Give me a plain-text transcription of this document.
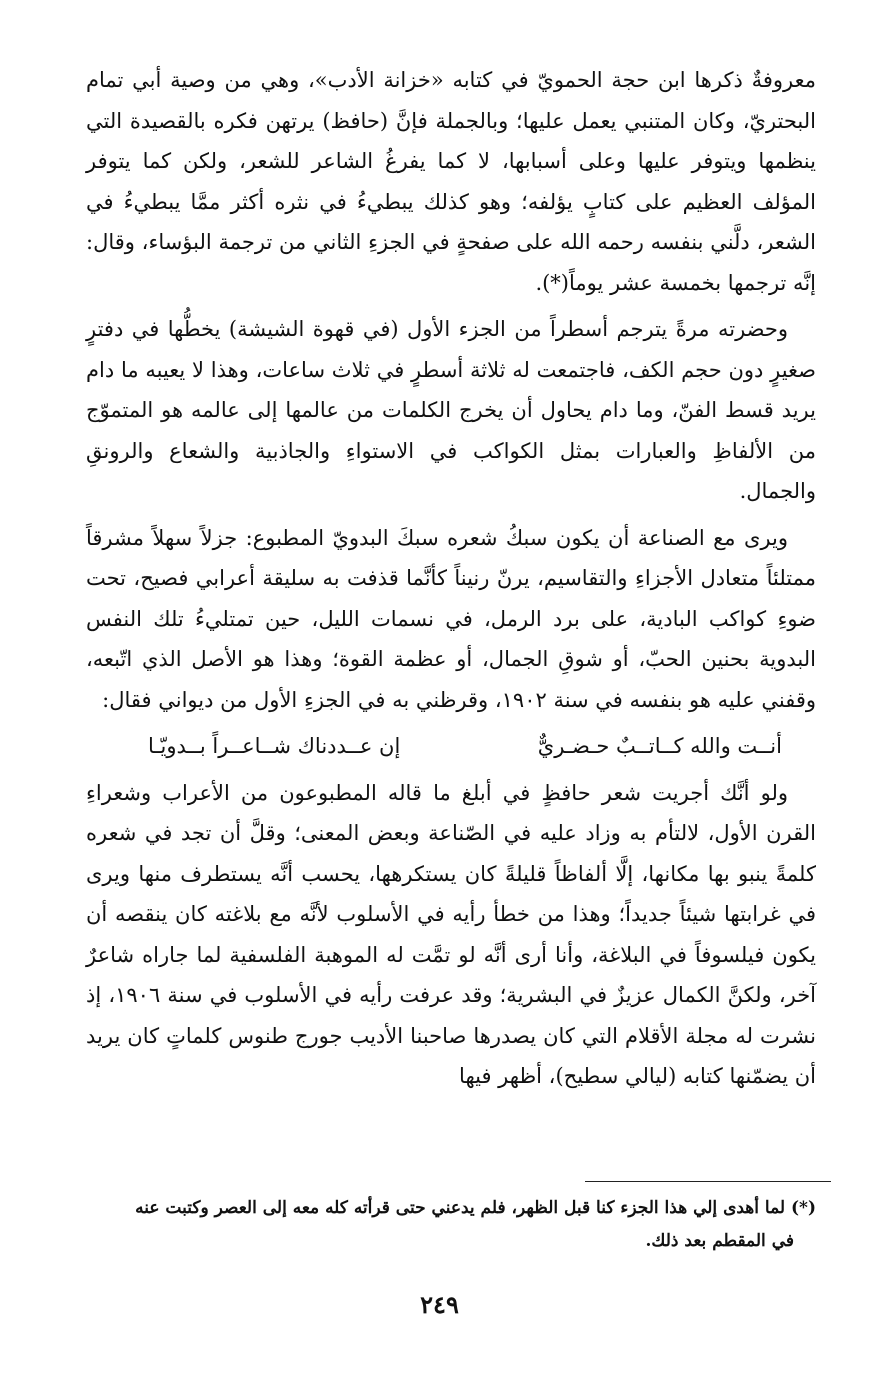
معروفةٌ ذكرها ابن حجة الحمويّ في كتابه «خزانة الأدب»، وهي من وصية أبي تمام البحتريّ، وكان المتنبي يعمل عليها؛ وبالجملة فإنَّ (حافظ) يرتهن فكره بالقصيدة التي ينظمها ويتوفر عليها وعلى أسبابها، لا كما يفرغُ الشاعر للشعر، ولكن كما يتوفر المؤلف العظيم على كتابٍ يؤلفه؛ وهو كذلك يبطيءُ في نثره أكثر ممَّا يبطيءُ في الشعر، دلَّني بنفسه رحمه الله على صفحةٍ في الجزءِ الثاني من ترجمة البؤساء، وقال: إنَّه ترجمها بخمسة عشر يوماً(*).

وحضرته مرةً يترجم أسطراً من الجزء الأول (في قهوة الشيشة) يخطُّها في دفترٍ صغيرٍ دون حجم الكف، فاجتمعت له ثلاثة أسطرٍ في ثلاث ساعات، وهذا لا يعيبه ما دام يريد قسط الفنّ، وما دام يحاول أن يخرج الكلمات من عالمها إلى عالمه هو المتموّج من الألفاظِ والعبارات بمثل الكواكب في الاستواءِ والجاذبية والشعاع والرونقِ والجمال.

ويرى مع الصناعة أن يكون سبكُ شعره سبكَ البدويّ المطبوع: جزلاً سهلاً مشرقاً ممتلئاً متعادل الأجزاءِ والتقاسيم، يرنّ رنيناً كأنَّما قذفت به سليقة أعرابي فصيح، تحت ضوءِ كواكب البادية، على برد الرمل، في نسمات الليل، حين تمتليءُ تلك النفس البدوية بحنين الحبّ، أو شوقِ الجمال، أو عظمة القوة؛ وهذا هو الأصل الذي اتّبعه، وقفني عليه هو بنفسه في سنة ١٩٠٢، وقرظني به في الجزءِ الأول من ديواني فقال:

أنــت والله كــاتــبٌ حـضـريٌّ
إن عــددناك شــاعــراً بــدويّـا

ولو أنَّك أجريت شعر حافظٍ في أبلغ ما قاله المطبوعون من الأعراب وشعراءِ القرن الأول، لالتأم به وزاد عليه في الصّناعة وبعض المعنى؛ وقلَّ أن تجد في شعره كلمةً ينبو بها مكانها، إلَّا ألفاظاً قليلةً كان يستكرهها، يحسب أنَّه يستطرف منها ويرى في غرابتها شيئاً جديداً؛ وهذا من خطأ رأيه في الأسلوب لأنَّه مع بلاغته كان ينقصه أن يكون فيلسوفاً في البلاغة، وأنا أرى أنَّه لو تمَّت له الموهبة الفلسفية لما جاراه شاعرٌ آخر، ولكنَّ الكمال عزيزٌ في البشرية؛ وقد عرفت رأيه في الأسلوب في سنة ١٩٠٦، إذ نشرت له مجلة الأقلام التي كان يصدرها صاحبنا الأديب جورج طنوس كلماتٍ كان يريد أن يضمّنها كتابه (ليالي سطيح)، أظهر فيها

(*) لما أهدى إلي هذا الجزء كنا قبل الظهر، فلم يدعني حتى قرأته كله معه إلى العصر وكتبت عنه
في المقطم بعد ذلك.
٢٤٩
